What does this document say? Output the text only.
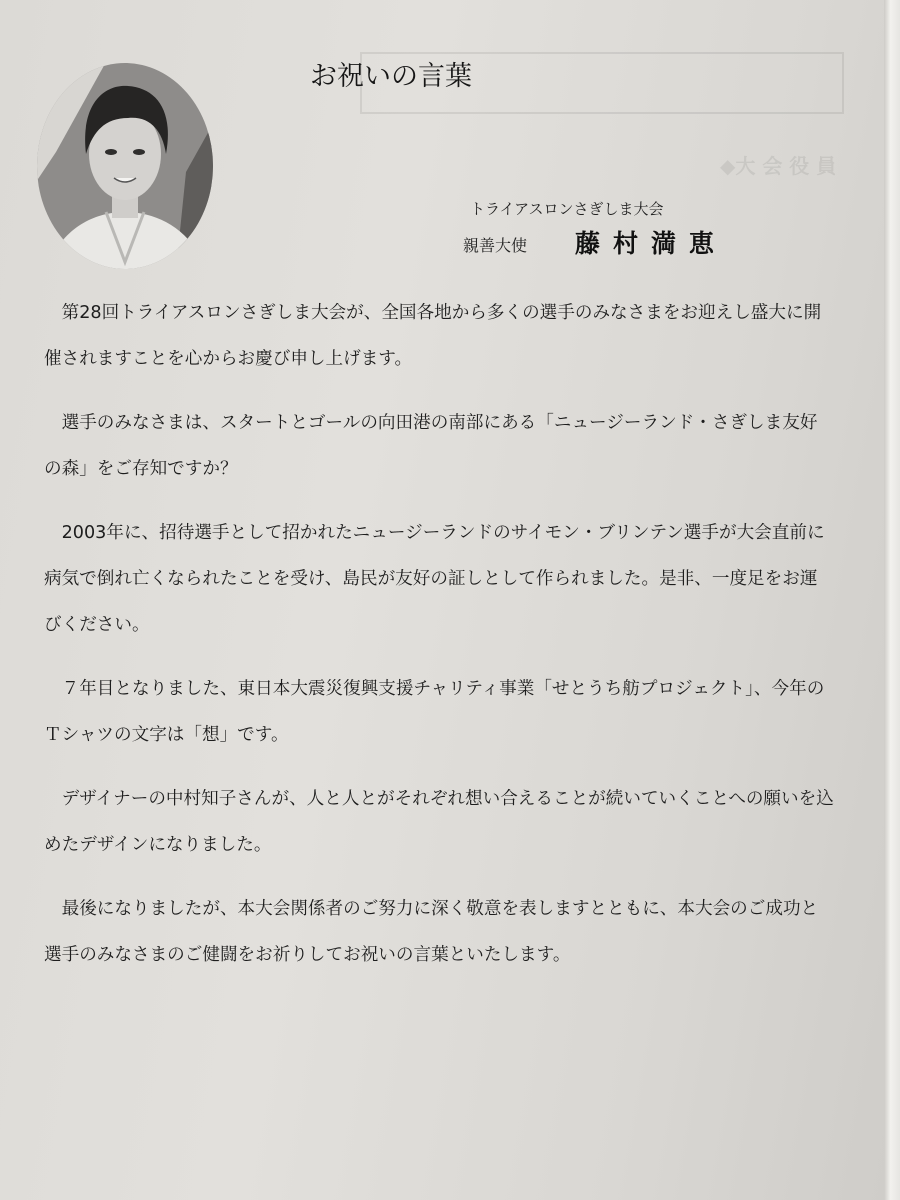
◆大 会 役 員
お祝いの言葉
トライアスロンさぎしま大会
親善大使 藤村満恵

第28回トライアスロンさぎしま大会が、全国各地から多くの選手のみなさまをお迎えし盛大に開催されますことを心からお慶び申し上げます。

選手のみなさまは、スタートとゴールの向田港の南部にある「ニュージーランド・さぎしま友好の森」をご存知ですか？

2003年に、招待選手として招かれたニュージーランドのサイモン・ブリンテン選手が大会直前に病気で倒れ亡くなられたことを受け、島民が友好の証しとして作られました。是非、一度足をお運びください。

７年目となりました、東日本大震災復興支援チャリティ事業「せとうち舫プロジェクト」、今年のＴシャツの文字は「想」です。

デザイナーの中村知子さんが、人と人とがそれぞれ想い合えることが続いていくことへの願いを込めたデザインになりました。

最後になりましたが、本大会関係者のご努力に深く敬意を表しますとともに、本大会のご成功と選手のみなさまのご健闘をお祈りしてお祝いの言葉といたします。
